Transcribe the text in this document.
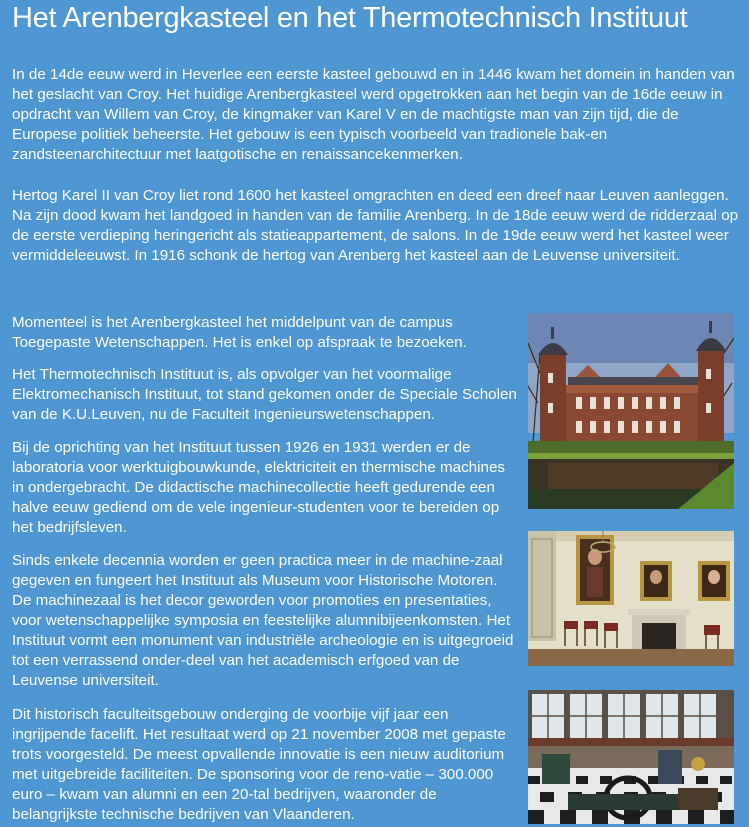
Het Arenbergkasteel en het Thermotechnisch Instituut

In de 14de eeuw werd in Heverlee een eerste kasteel gebouwd en in 1446 kwam het domein in handen van het geslacht van Croy. Het huidige Arenbergkasteel werd opgetrokken aan het begin van de 16de eeuw in opdracht van Willem van Croy, de kingmaker van Karel V en de machtigste man van zijn tijd, die de Europese politiek beheerste. Het gebouw is een typisch voorbeeld van tradionele bak-en zandsteenarchitectuur met laatgotische en renaissancekenmerken.

Hertog Karel II van Croy liet rond 1600 het kasteel omgrachten en deed een dreef naar Leuven aanleggen. Na zijn dood kwam het landgoed in handen van de familie Arenberg. In de 18de eeuw werd de ridderzaal op de eerste verdieping heringericht als statieappartement, de salons. In de 19de eeuw werd het kasteel weer vermiddeleeuwst. In 1916 schonk de hertog van Arenberg het kasteel aan de Leuvense universiteit.

Momenteel is het Arenbergkasteel het middelpunt van de campus Toegepaste Wetenschappen. Het is enkel op afspraak te bezoeken.

Het Thermotechnisch Instituut is, als opvolger van het voormalige Elektromechanisch Instituut, tot stand gekomen onder de Speciale Scholen van de K.U.Leuven, nu de Faculteit Ingenieurswetenschappen.

Bij de oprichting van het Instituut tussen 1926 en 1931 werden er de laboratoria voor werktuigbouwkunde, elektriciteit en thermische machines in ondergebracht. De didactische machinecollectie heeft gedurende een halve eeuw gediend om de vele ingenieur-studenten voor te bereiden op het bedrijfsleven.

Sinds enkele decennia worden er geen practica meer in de machine-zaal gegeven en fungeert het Instituut als Museum voor Historische Motoren. De machinezaal is het decor geworden voor promoties en presentaties, voor wetenschappelijke symposia en feestelijke alumnibijeenkomsten. Het Instituut vormt een monument van industriële archeologie en is uitgegroeid tot een verrassend onder-deel van het academisch erfgoed van de Leuvense universiteit.

Dit historisch faculteitsgebouw onderging de voorbije vijf jaar een ingrijpende facelift. Het resultaat werd op 21 november 2008 met gepaste trots voorgesteld. De meest opvallende innovatie is een nieuw auditorium met uitgebreide faciliteiten. De sponsoring voor de reno-vatie – 300.000 euro – kwam van alumni en een 20-tal bedrijven, waaronder de belangrijkste technische bedrijven van Vlaanderen.
